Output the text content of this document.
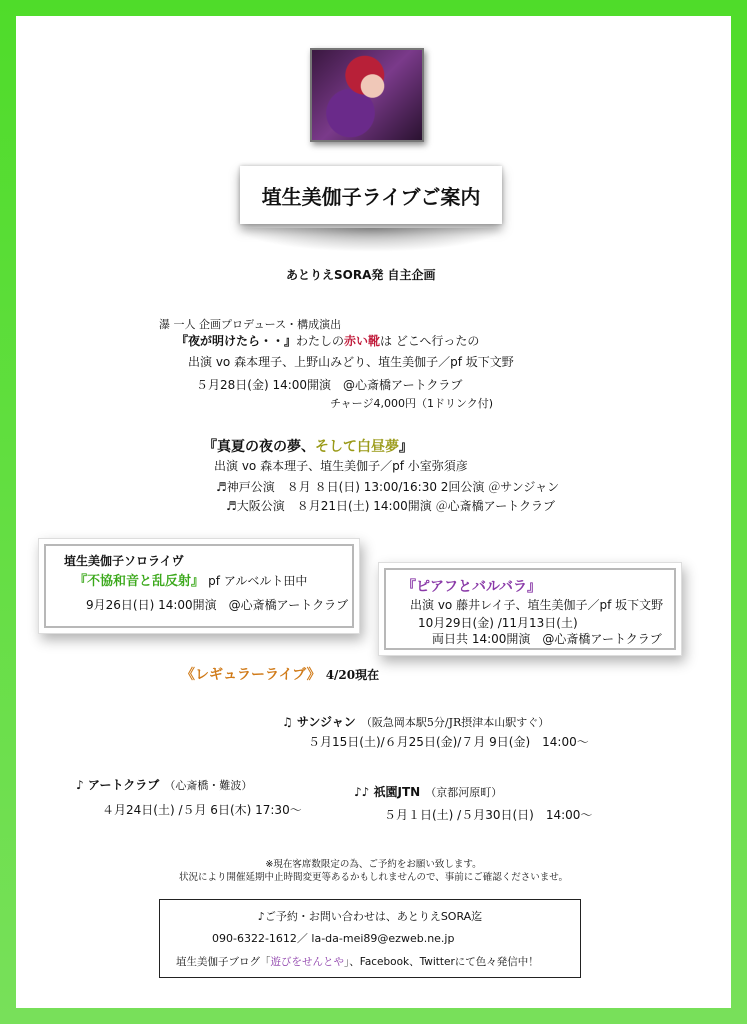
埴生美伽子ライブご案内
あとりえSORA発 自主企画
瀑 一人 企画プロデュース・構成演出
『夜が明けたら・・』わたしの赤い靴は どこへ行ったの
出演 vo 森本理子、上野山みどり、埴生美伽子／pf 坂下文野
５月28日(金) 14:00開演　@心斎橋アートクラブ
チャージ4,000円（1ドリンク付)
『真夏の夜の夢、そして白昼夢』
出演 vo 森本理子、埴生美伽子／pf 小室弥須彦
♬神戸公演　８月 ８日(日) 13:00/16:30 2回公演 ＠サンジャン
♬大阪公演　８月21日(土) 14:00開演 ＠心斎橋アートクラブ
埴生美伽子ソロライヴ
『不協和音と乱反射』 pf アルベルト田中
9月26日(日) 14:00開演　@心斎橋アートクラブ
『ピアフとバルバラ』
出演 vo 藤井レイ子、埴生美伽子／pf 坂下文野
10月29日(金) /11月13日(土)
両日共 14:00開演　@心斎橋アートクラブ
《レギュラーライブ》 4/20現在
♫ サンジャン （阪急岡本駅5分/JR摂津本山駅すぐ）
５月15日(土)/６月25日(金)/７月 9日(金)　14:00～
♪ アートクラブ （心斎橋・難波）
４月24日(土) /５月 6日(木) 17:30～
♪♪ 祇園JTN （京都河原町）
５月１日(土) /５月30日(日)　14:00～
※現在客席数限定の為、ご予約をお願い致します。
状況により開催延期中止時間変更等あるかもしれませんので、事前にご確認くださいませ。
♪ご予約・お問い合わせは、あとりえSORA迄
090-6322-1612／ la-da-mei89@ezweb.ne.jp
埴生美伽子ブログ「遊びをせんとや」、Facebook、Twitterにて色々発信中！
